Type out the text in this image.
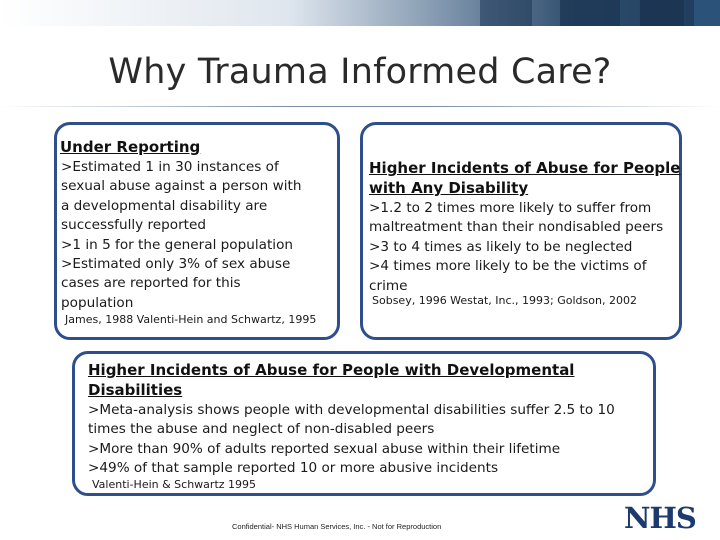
Why Trauma Informed Care?
Under Reporting
>Estimated 1 in 30 instances of
sexual abuse against a person with
a developmental disability are
successfully reported
>1 in 5 for the general population
>Estimated only 3% of sex abuse
cases are reported for this
population
James, 1988 Valenti-Hein and Schwartz, 1995
Higher Incidents of Abuse for People
with Any Disability
>1.2 to 2 times more likely to suffer from
maltreatment than their nondisabled peers
>3 to 4 times as likely to be neglected
>4 times more likely to be the victims of
crime
Sobsey, 1996 Westat, Inc., 1993; Goldson, 2002
Higher Incidents of Abuse for People with Developmental
Disabilities
>Meta-analysis shows people with developmental disabilities suffer 2.5 to 10
times the abuse and neglect of non-disabled peers
>More than 90% of adults reported sexual abuse within their lifetime
>49% of that sample reported 10 or more abusive incidents
Valenti-Hein & Schwartz 1995
Confidential- NHS Human Services, Inc. - Not for Reproduction	NHS
